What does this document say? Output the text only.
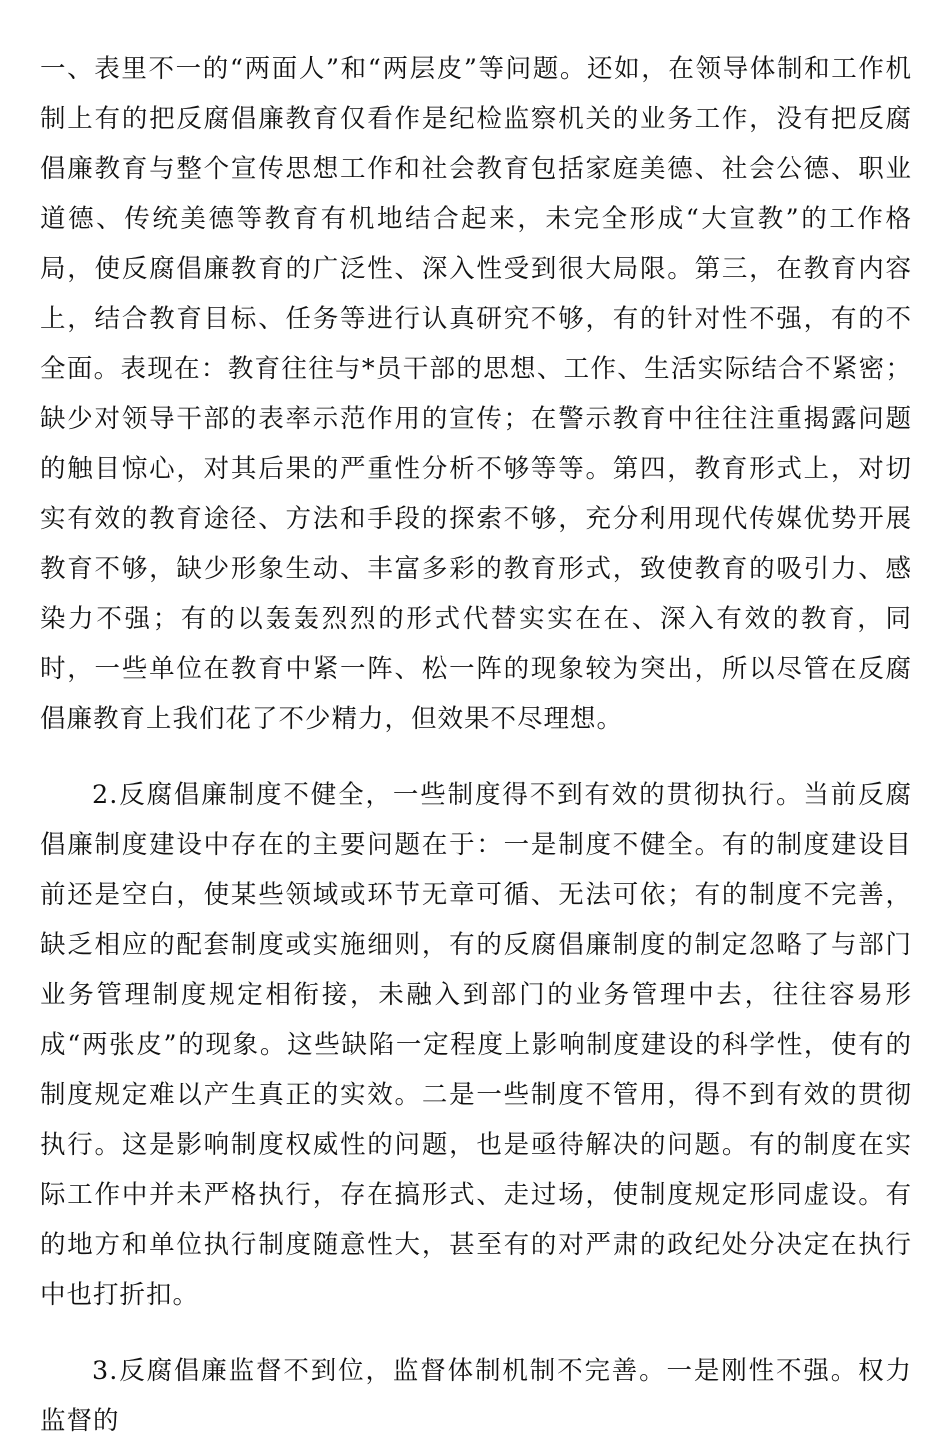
一、表里不一的“两面人”和“两层皮”等问题。还如，在领导体制和工作机制上有的把反腐倡廉教育仅看作是纪检监察机关的业务工作，没有把反腐倡廉教育与整个宣传思想工作和社会教育包括家庭美德、社会公德、职业道德、传统美德等教育有机地结合起来，未完全形成“大宣教”的工作格局，使反腐倡廉教育的广泛性、深入性受到很大局限。第三，在教育内容上，结合教育目标、任务等进行认真研究不够，有的针对性不强，有的不全面。表现在：教育往往与*员干部的思想、工作、生活实际结合不紧密；缺少对领导干部的表率示范作用的宣传；在警示教育中往往注重揭露问题的触目惊心，对其后果的严重性分析不够等等。第四，教育形式上，对切实有效的教育途径、方法和手段的探索不够，充分利用现代传媒优势开展教育不够，缺少形象生动、丰富多彩的教育形式，致使教育的吸引力、感染力不强；有的以轰轰烈烈的形式代替实实在在、深入有效的教育，同时，一些单位在教育中紧一阵、松一阵的现象较为突出，所以尽管在反腐倡廉教育上我们花了不少精力，但效果不尽理想。

2.反腐倡廉制度不健全，一些制度得不到有效的贯彻执行。当前反腐倡廉制度建设中存在的主要问题在于：一是制度不健全。有的制度建设目前还是空白，使某些领域或环节无章可循、无法可依；有的制度不完善，缺乏相应的配套制度或实施细则，有的反腐倡廉制度的制定忽略了与部门业务管理制度规定相衔接，未融入到部门的业务管理中去，往往容易形成“两张皮”的现象。这些缺陷一定程度上影响制度建设的科学性，使有的制度规定难以产生真正的实效。二是一些制度不管用，得不到有效的贯彻执行。这是影响制度权威性的问题，也是亟待解决的问题。有的制度在实际工作中并未严格执行，存在搞形式、走过场，使制度规定形同虚设。有的地方和单位执行制度随意性大，甚至有的对严肃的政纪处分决定在执行中也打折扣。

3.反腐倡廉监督不到位，监督体制机制不完善。一是刚性不强。权力监督的
